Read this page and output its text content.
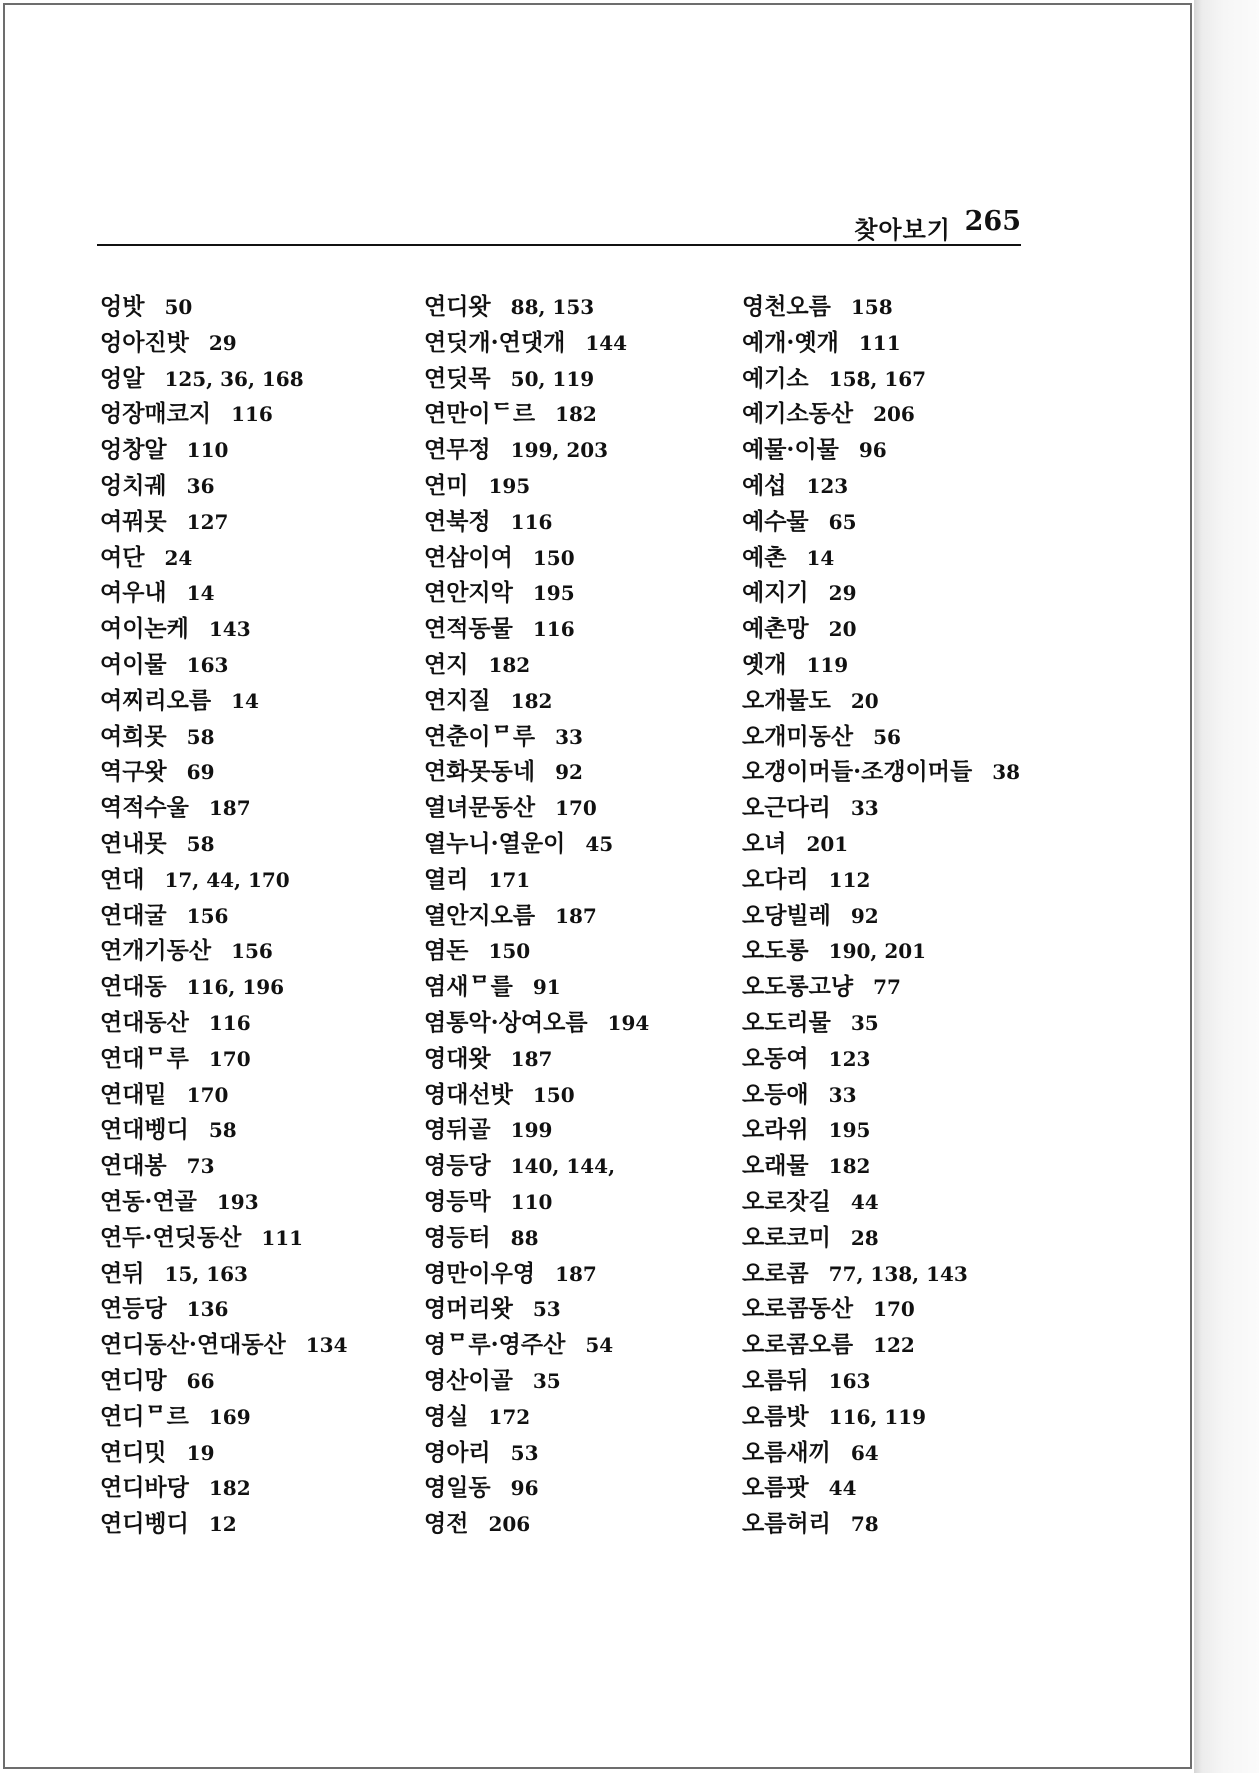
찾아보기 265
엉밧 50
엉아진밧 29
엉알 125, 36, 168
엉장매코지 116
엉창알 110
엉치궤 36
여꿔못 127
여단 24
여우내 14
여이논케 143
여이물 163
여찌리오름 14
여희못 58
역구왓 69
역적수울 187
연내못 58
연대 17, 44, 170
연대굴 156
연개기동산 156
연대동 116, 196
연대동산 116
연대ᄆ루 170
연대밑 170
연대벵디 58
연대봉 73
연동·연골 193
연두·연딧동산 111
연뒤 15, 163
연등당 136
연디동산·연대동산 134
연디망 66
연디ᄆ르 169
연디밋 19
연디바당 182
연디벵디 12
연디왓 88, 153
연딧개·연댓개 144
연딧목 50, 119
연만이ᄃ르 182
연무정 199, 203
연미 195
연북정 116
연삼이여 150
연안지악 195
연적동물 116
연지 182
연지질 182
연춘이ᄆ루 33
연화못동네 92
열녀문동산 170
열누니·열운이 45
열리 171
열안지오름 187
염돈 150
염새ᄆ를 91
염통악·상여오름 194
영대왓 187
영대선밧 150
영뒤골 199
영등당 140, 144,
영등막 110
영등터 88
영만이우영 187
영머리왓 53
영ᄆ루·영주산 54
영산이골 35
영실 172
영아리 53
영일동 96
영전 206
영천오름 158
예개·옛개 111
예기소 158, 167
예기소동산 206
예물·이물 96
예섭 123
예수물 65
예촌 14
예지기 29
예촌망 20
옛개 119
오개물도 20
오개미동산 56
오갱이머들·조갱이머들 38
오근다리 33
오녀 201
오다리 112
오당빌레 92
오도롱 190, 201
오도롱고냥 77
오도리물 35
오동여 123
오등애 33
오라위 195
오래물 182
오로잣길 44
오로코미 28
오로콤 77, 138, 143
오로콤동산 170
오로콤오름 122
오름뒤 163
오름밧 116, 119
오름새끼 64
오름팟 44
오름허리 78
